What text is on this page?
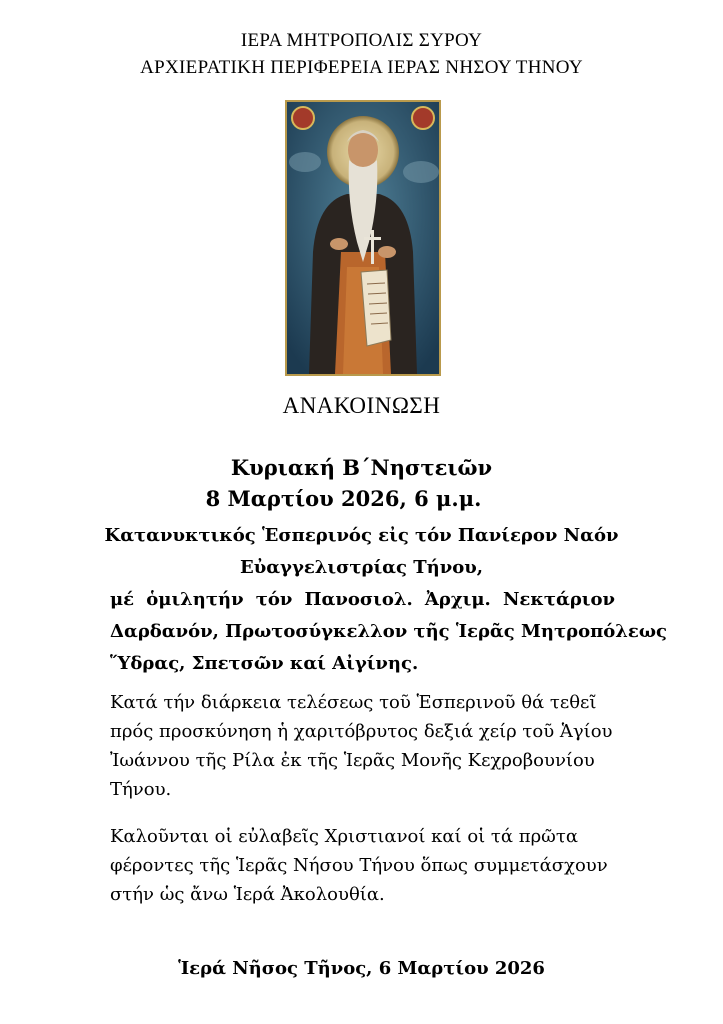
ΙΕΡΑ ΜΗΤΡΟΠΟΛΙΣ ΣΥΡΟΥ
ΑΡΧΙΕΡΑΤΙΚΗ ΠΕΡΙΦΕΡΕΙΑ ΙΕΡΑΣ ΝΗΣΟΥ ΤΗΝΟΥ
ΑΝΑΚΟΙΝΩΣΗ
Κυριακή Β΄Νηστειῶν
8 Μαρτίου 2026, 6 μ.μ.
Κατανυκτικός Ἑσπερινός εἰς τόν Πανίερον Ναόν
Εὐαγγελιστρίας Τήνου,
μέ ὁμιλητήν τόν Πανοσιολ. Ἀρχιμ. Νεκτάριον
Δαρδανόν, Πρωτοσύγκελλον τῆς Ἱερᾶς Μητροπόλεως
Ὕδρας, Σπετσῶν καί Αἰγίνης.
Κατά τήν διάρκεια τελέσεως τοῦ Ἑσπερινοῦ θά τεθεῖ πρός προσκύνηση ἡ χαριτόβρυτος δεξιά χείρ τοῦ Ἁγίου Ἰωάννου τῆς Ρίλα ἐκ τῆς Ἱερᾶς Μονῆς Κεχροβουνίου Τήνου.
Καλοῦνται οἱ εὐλαβεῖς Χριστιανοί καί οἱ τά πρῶτα φέροντες τῆς Ἱερᾶς Νήσου Τήνου ὅπως συμμετάσχουν στήν ὡς ἄνω Ἱερά Ἀκολουθία.
Ἱερά Νῆσος Τῆνος, 6 Μαρτίου 2026
